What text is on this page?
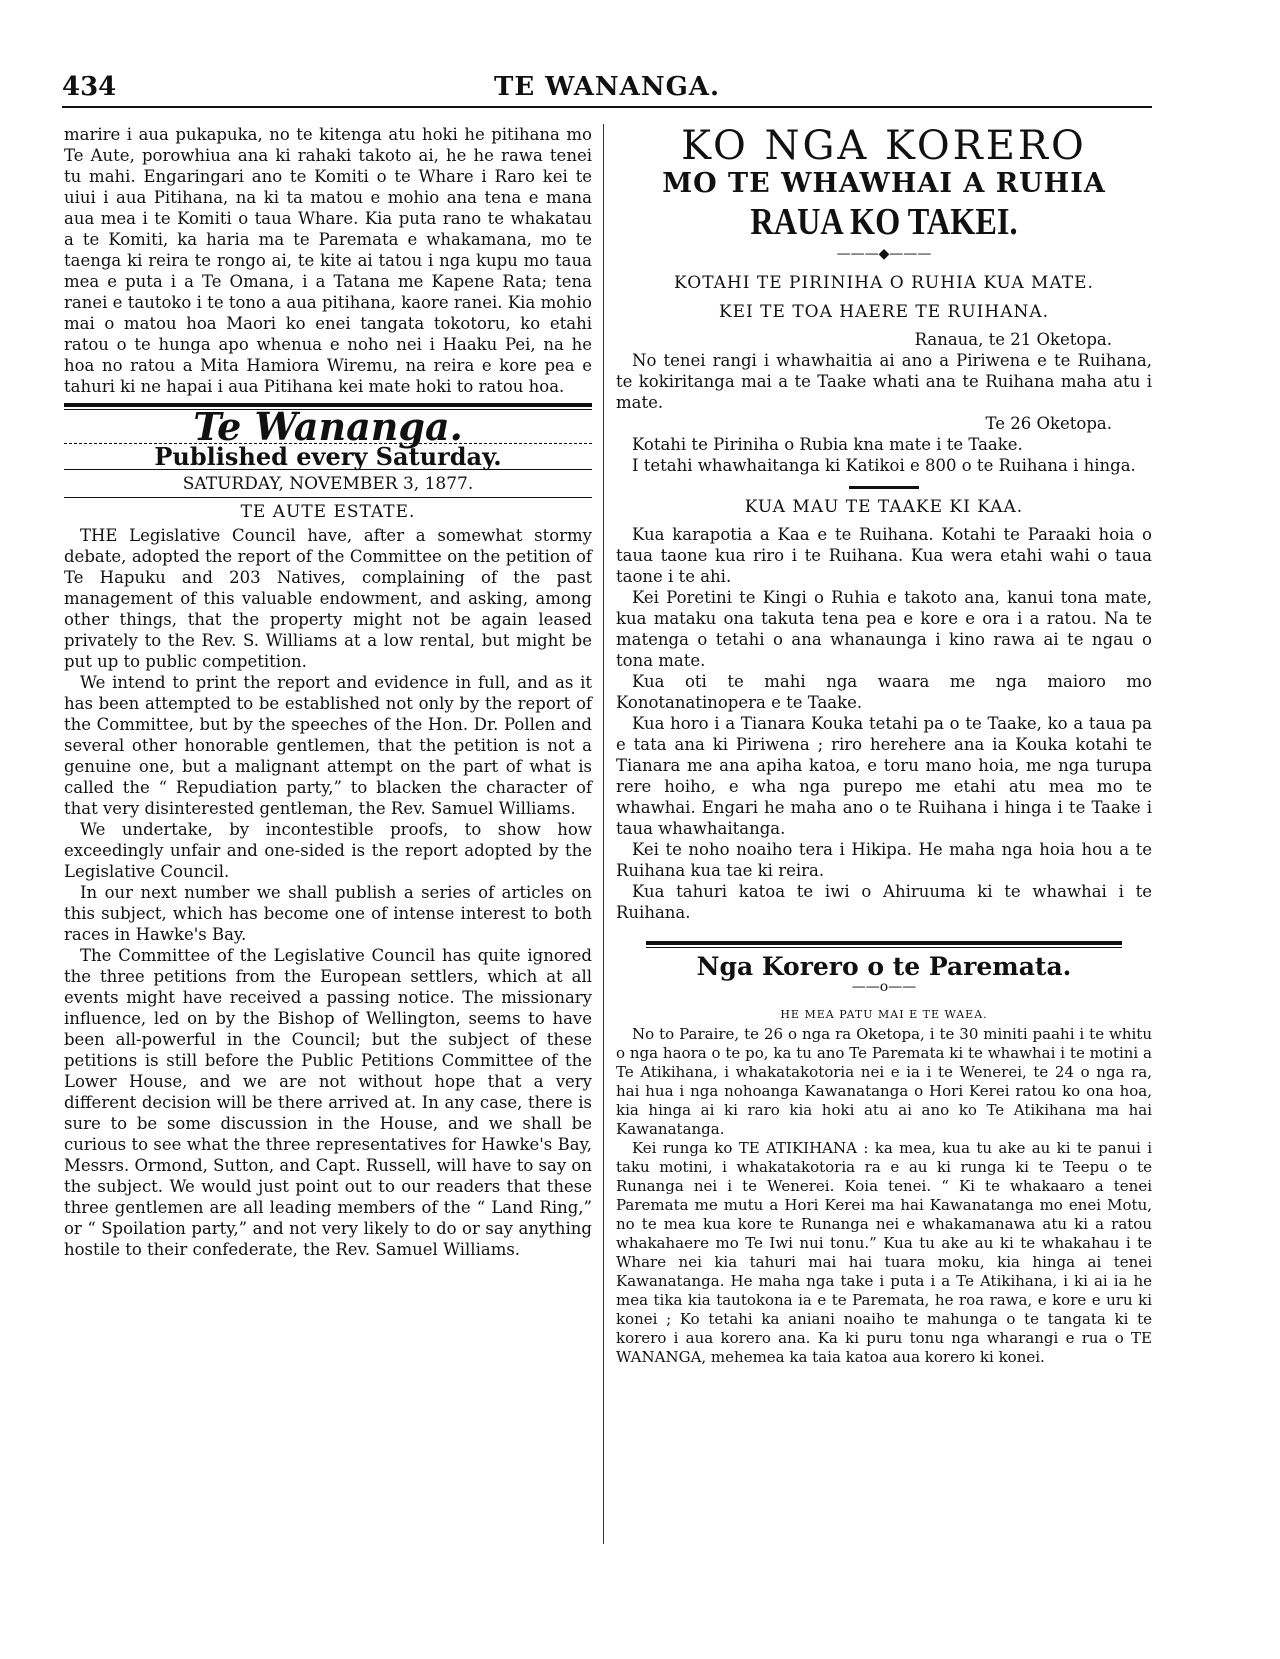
434	TE WANANGA.

marire i aua pukapuka, no te kitenga atu hoki he pitihana mo Te Aute, porowhiua ana ki rahaki takoto ai, he he rawa tenei tu mahi. Engaringari ano te Komiti o te Whare i Raro kei te uiui i aua Pitihana, na ki ta matou e mohio ana tena e mana aua mea i te Komiti o taua Whare. Kia puta rano te whakatau a te Komiti, ka haria ma te Paremata e whakamana, mo te taenga ki reira te rongo ai, te kite ai tatou i nga kupu mo taua mea e puta i a Te Omana, i a Tatana me Kapene Rata; tena ranei e tautoko i te tono a aua pitihana, kaore ranei. Kia mohio mai o matou hoa Maori ko enei tangata tokotoru, ko etahi ratou o te hunga apo whenua e noho nei i Haaku Pei, na he hoa no ratou a Mita Hamiora Wiremu, na reira e kore pea e tahuri ki ne hapai i aua Pitihana kei mate hoki to ratou hoa.

Te Wananga.
Published every Saturday.
SATURDAY, NOVEMBER 3, 1877.
TE AUTE ESTATE.

THE Legislative Council have, after a somewhat stormy debate, adopted the report of the Committee on the petition of Te Hapuku and 203 Natives, complaining of the past management of this valuable endowment, and asking, among other things, that the property might not be again leased privately to the Rev. S. Williams at a low rental, but might be put up to public competition.

We intend to print the report and evidence in full, and as it has been attempted to be established not only by the report of the Committee, but by the speeches of the Hon. Dr. Pollen and several other honorable gentlemen, that the petition is not a genuine one, but a malignant attempt on the part of what is called the “ Repudiation party,” to blacken the character of that very disinterested gentleman, the Rev. Samuel Williams.

We undertake, by incontestible proofs, to show how exceedingly unfair and one-sided is the report adopted by the Legislative Council.

In our next number we shall publish a series of articles on this subject, which has become one of intense interest to both races in Hawke's Bay.

The Committee of the Legislative Council has quite ignored the three petitions from the European settlers, which at all events might have received a passing notice. The missionary influence, led on by the Bishop of Wellington, seems to have been all-powerful in the Council; but the subject of these petitions is still before the Public Petitions Committee of the Lower House, and we are not without hope that a very different decision will be there arrived at. In any case, there is sure to be some discussion in the House, and we shall be curious to see what the three representatives for Hawke's Bay, Messrs. Ormond, Sutton, and Capt. Russell, will have to say on the subject. We would just point out to our readers that these three gentlemen are all leading members of the “ Land Ring,” or “ Spoilation party,” and not very likely to do or say anything hostile to their confederate, the Rev. Samuel Williams.

KO NGA KORERO
MO TE WHAWHAI A RUHIA
RAUA KO TAKEI.
———◆———
KOTAHI TE PIRINIHA O RUHIA KUA MATE.
KEI TE TOA HAERE TE RUIHANA.

Ranaua, te 21 Oketopa.

No tenei rangi i whawhaitia ai ano a Piriwena e te Ruihana, te kokiritanga mai a te Taake whati ana te Ruihana maha atu i mate.

Te 26 Oketopa.

Kotahi te Piriniha o Rubia kna mate i te Taake.

I tetahi whawhaitanga ki Katikoi e 800 o te Ruihana i hinga.

KUA MAU TE TAAKE KI KAA.

Kua karapotia a Kaa e te Ruihana. Kotahi te Paraaki hoia o taua taone kua riro i te Ruihana. Kua wera etahi wahi o taua taone i te ahi.

Kei Poretini te Kingi o Ruhia e takoto ana, kanui tona mate, kua mataku ona takuta tena pea e kore e ora i a ratou. Na te matenga o tetahi o ana whanaunga i kino rawa ai te ngau o tona mate.

Kua oti te mahi nga waara me nga maioro mo Konotanatinopera e te Taake.

Kua horo i a Tianara Kouka tetahi pa o te Taake, ko a taua pa e tata ana ki Piriwena ; riro herehere ana ia Kouka kotahi te Tianara me ana apiha katoa, e toru mano hoia, me nga turupa rere hoiho, e wha nga purepo me etahi atu mea mo te whawhai. Engari he maha ano o te Ruihana i hinga i te Taake i taua whawhaitanga.

Kei te noho noaiho tera i Hikipa. He maha nga hoia hou a te Ruihana kua tae ki reira.

Kua tahuri katoa te iwi o Ahiruuma ki te whawhai i te Ruihana.

Nga Korero o te Paremata.
——o——
HE MEA PATU MAI E TE WAEA.

No to Paraire, te 26 o nga ra Oketopa, i te 30 miniti paahi i te whitu o nga haora o te po, ka tu ano Te Paremata ki te whawhai i te motini a Te Atikihana, i whakatakotoria nei e ia i te Wenerei, te 24 o nga ra, hai hua i nga nohoanga Kawanatanga o Hori Kerei ratou ko ona hoa, kia hinga ai ki raro kia hoki atu ai ano ko Te Atikihana ma hai Kawanatanga.

Kei runga ko TE ATIKIHANA : ka mea, kua tu ake au ki te panui i taku motini, i whakatakotoria ra e au ki runga ki te Teepu o te Runanga nei i te Wenerei. Koia tenei. “ Ki te whakaaro a tenei Paremata me mutu a Hori Kerei ma hai Kawanatanga mo enei Motu, no te mea kua kore te Runanga nei e whakamanawa atu ki a ratou whakahaere mo Te Iwi nui tonu.” Kua tu ake au ki te whakahau i te Whare nei kia tahuri mai hai tuara moku, kia hinga ai tenei Kawanatanga. He maha nga take i puta i a Te Atikihana, i ki ai ia he mea tika kia tautokona ia e te Paremata, he roa rawa, e kore e uru ki konei ; Ko tetahi ka aniani noaiho te mahunga o te tangata ki te korero i aua korero ana. Ka ki puru tonu nga wharangi e rua o TE WANANGA, mehemea ka taia katoa aua korero ki konei.
